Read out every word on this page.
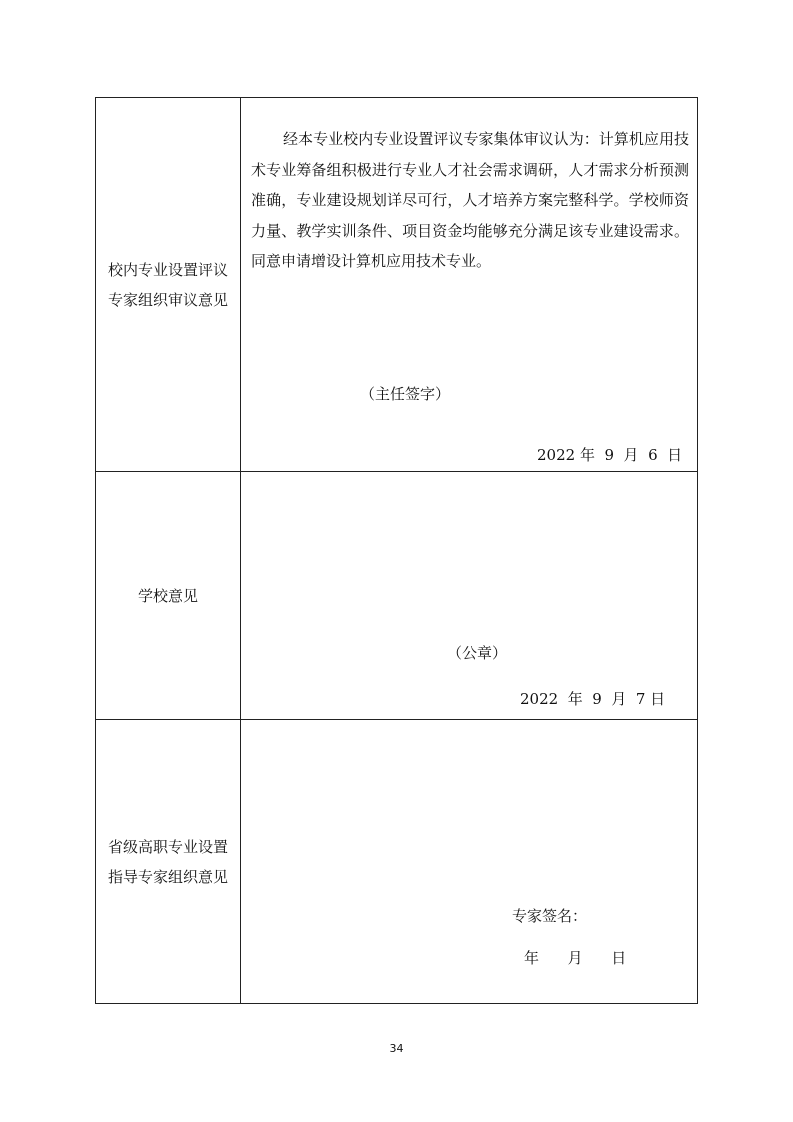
校内专业设置评议
专家组织审议意见	经本专业校内专业设置评议专家集体审议认为：计算机应用技术专业筹备组积极进行专业人才社会需求调研，人才需求分析预测准确，专业建设规划详尽可行，人才培养方案完整科学。学校师资力量、教学实训条件、项目资金均能够充分满足该专业建设需求。同意申请增设计算机应用技术专业。

（主任签字）
2022 年  9  月  6  日

学校意见	（公章）
2022  年  9  月  7 日

省级高职专业设置
指导专家组织意见	专家签名：
年      月      日
34
